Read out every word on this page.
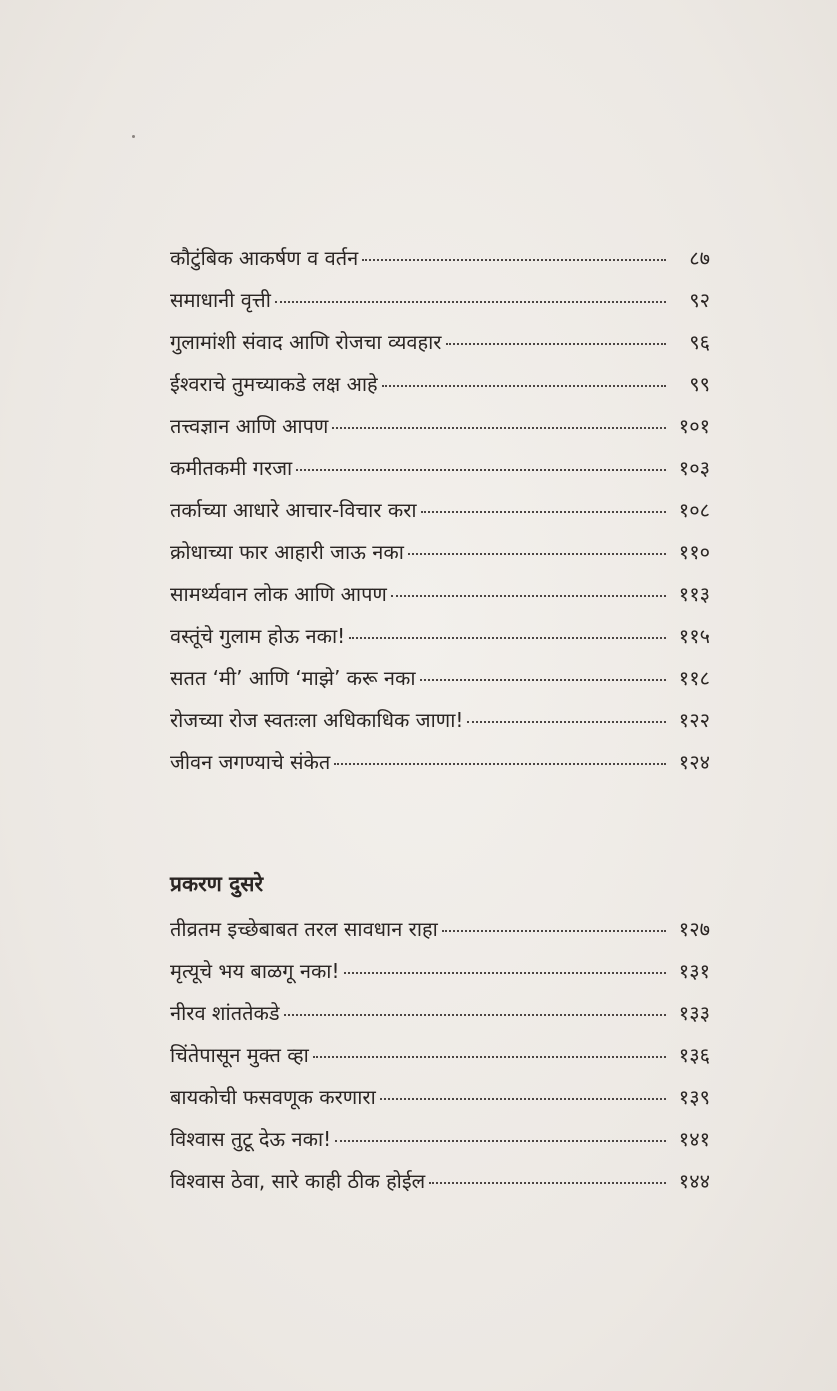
कौटुंबिक आकर्षण व वर्तन	८७
समाधानी वृत्ती	९२
गुलामांशी संवाद आणि रोजचा व्यवहार	९६
ईश्वराचे तुमच्याकडे लक्ष आहे	९९
तत्त्वज्ञान आणि आपण	१०१
कमीतकमी गरजा	१०३
तर्काच्या आधारे आचार-विचार करा	१०८
क्रोधाच्या फार आहारी जाऊ नका	११०
सामर्थ्यवान लोक आणि आपण	११३
वस्तूंचे गुलाम होऊ नका!	११५
सतत ‘मी’ आणि ‘माझे’ करू नका	११८
रोजच्या रोज स्वतःला अधिकाधिक जाणा!	१२२
जीवन जगण्याचे संकेत	१२४
प्रकरण दुसरे
तीव्रतम इच्छेबाबत तरल सावधान राहा	१२७
मृत्यूचे भय बाळगू नका!	१३१
नीरव शांततेकडे	१३३
चिंतेपासून मुक्त व्हा	१३६
बायकोची फसवणूक करणारा	१३९
विश्वास तुटू देऊ नका!	१४१
विश्वास ठेवा, सारे काही ठीक होईल	१४४
